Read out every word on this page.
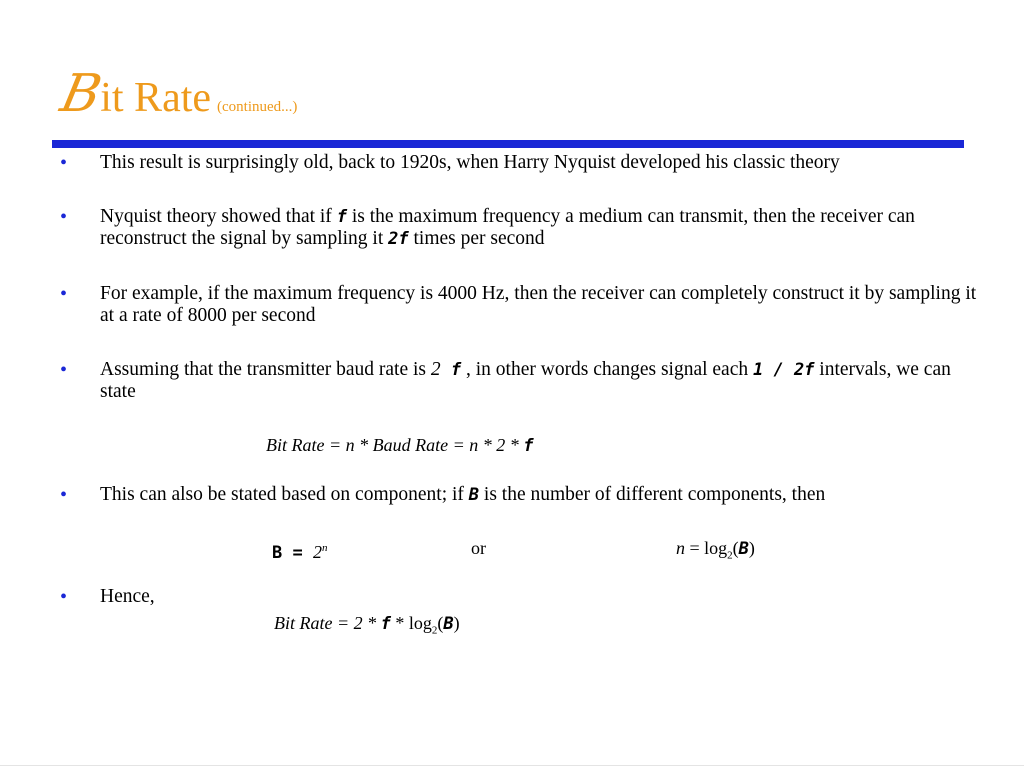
Bit Rate (continued...)
• This result is surprisingly old, back to 1920s, when Harry Nyquist developed his classic theory
• Nyquist theory showed that if f is the maximum frequency a medium can transmit, then the receiver can reconstruct the signal by sampling it 2f times per second
• For example, if the maximum frequency is 4000 Hz, then the receiver can completely construct it by sampling it at a rate of 8000 per second
• Assuming that the transmitter baud rate is 2 f , in other words changes signal each 1 / 2f intervals, we can state
Bit Rate = n * Baud Rate = n * 2 * f
• This can also be stated based on component; if B is the number of different components, then
$B = 2^n$	or	$n = \log_2(B)$
• Hence,
Bit Rate = 2 * f * $\log_2(B)$
